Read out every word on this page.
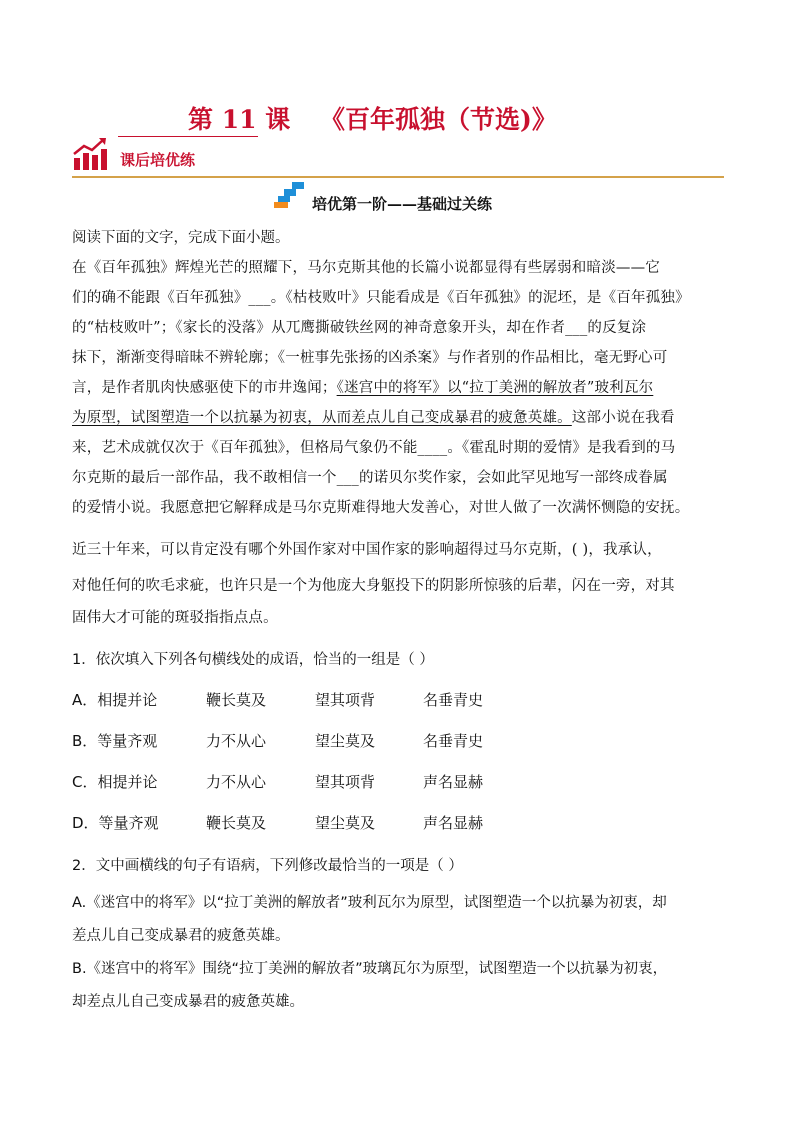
第 11 课 《百年孤独（节选)》
课后培优练
培优第一阶——基础过关练
阅读下面的文字，完成下面小题。
在《百年孤独》辉煌光芒的照耀下，马尔克斯其他的长篇小说都显得有些孱弱和暗淡——它
们的确不能跟《百年孤独》___。《枯枝败叶》只能看成是《百年孤独》的泥坯，是《百年孤独》
的“枯枝败叶”；《家长的没落》从兀鹰撕破铁丝网的神奇意象开头，却在作者___的反复涂
抹下，渐渐变得暗昧不辨轮廓；《一桩事先张扬的凶杀案》与作者别的作品相比，毫无野心可
言，是作者肌肉快感驱使下的市井逸闻；《迷宫中的将军》以“拉丁美洲的解放者”玻利瓦尔
为原型，试图塑造一个以抗暴为初衷，从而差点儿自己变成暴君的疲惫英雄。这部小说在我看
来，艺术成就仅次于《百年孤独》，但格局气象仍不能____。《霍乱时期的爱情》是我看到的马
尔克斯的最后一部作品，我不敢相信一个___的诺贝尔奖作家，会如此罕见地写一部终成眷属
的爱情小说。我愿意把它解释成是马尔克斯难得地大发善心，对世人做了一次满怀恻隐的安抚。
近三十年来，可以肯定没有哪个外国作家对中国作家的影响超得过马尔克斯，( )，我承认，
对他任何的吹毛求疵，也许只是一个为他庞大身躯投下的阴影所惊骇的后辈，闪在一旁，对其
固伟大才可能的斑驳指指点点。
1．依次填入下列各句横线处的成语，恰当的一组是（ ）
A．相提并论	鞭长莫及	望其项背	名垂青史
B．等量齐观	力不从心	望尘莫及	名垂青史
C．相提并论	力不从心	望其项背	声名显赫
D．等量齐观	鞭长莫及	望尘莫及	声名显赫
2．文中画横线的句子有语病，下列修改最恰当的一项是（ ）
A.《迷宫中的将军》以“拉丁美洲的解放者”玻利瓦尔为原型，试图塑造一个以抗暴为初衷，却
差点儿自己变成暴君的疲惫英雄。
B.《迷宫中的将军》围绕“拉丁美洲的解放者”玻璃瓦尔为原型，试图塑造一个以抗暴为初衷，
却差点儿自己变成暴君的疲惫英雄。
